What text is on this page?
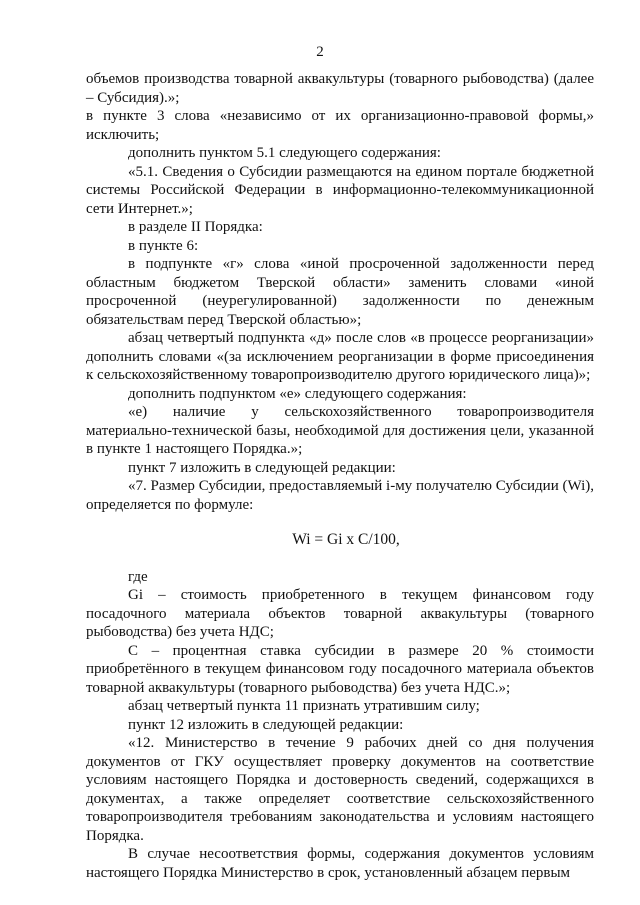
2

объемов производства товарной аквакультуры (товарного рыбоводства) (далее – Субсидия).»;

в пункте 3 слова «независимо от их организационно-правовой формы,» исключить;

дополнить пунктом 5.1 следующего содержания:

«5.1. Сведения о Субсидии размещаются на едином портале бюджетной системы Российской Федерации в информационно-телекоммуникационной сети Интернет.»;

в разделе II Порядка:

в пункте 6:

в подпункте «г» слова «иной просроченной задолженности перед областным бюджетом Тверской области» заменить словами «иной просроченной (неурегулированной) задолженности по денежным обязательствам перед Тверской областью»;

абзац четвертый подпункта «д» после слов «в процессе реорганизации» дополнить словами «(за исключением реорганизации в форме присоединения к сельскохозяйственному товаропроизводителю другого юридического лица)»;

дополнить подпунктом «е» следующего содержания:

«е) наличие у сельскохозяйственного товаропроизводителя материально-технической базы, необходимой для достижения цели, указанной в пункте 1 настоящего Порядка.»;

пункт 7 изложить в следующей редакции:

«7. Размер Субсидии, предоставляемый i-му получателю Субсидии (Wi), определяется по формуле:

Wi = Gi x C/100,

где

Gi – стоимость приобретенного в текущем финансовом году посадочного материала объектов товарной аквакультуры (товарного рыбоводства) без учета НДС;

С – процентная ставка субсидии в размере 20 % стоимости приобретённого в текущем финансовом году посадочного материала объектов товарной аквакультуры (товарного рыбоводства) без учета НДС.»;

абзац четвертый пункта 11 признать утратившим силу;

пункт 12 изложить в следующей редакции:

«12. Министерство в течение 9 рабочих дней со дня получения документов от ГКУ осуществляет проверку документов на соответствие условиям настоящего Порядка и достоверность сведений, содержащихся в документах, а также определяет соответствие сельскохозяйственного товаропроизводителя требованиям законодательства и условиям настоящего Порядка.

В случае несоответствия формы, содержания документов условиям настоящего Порядка Министерство в срок, установленный абзацем первым
